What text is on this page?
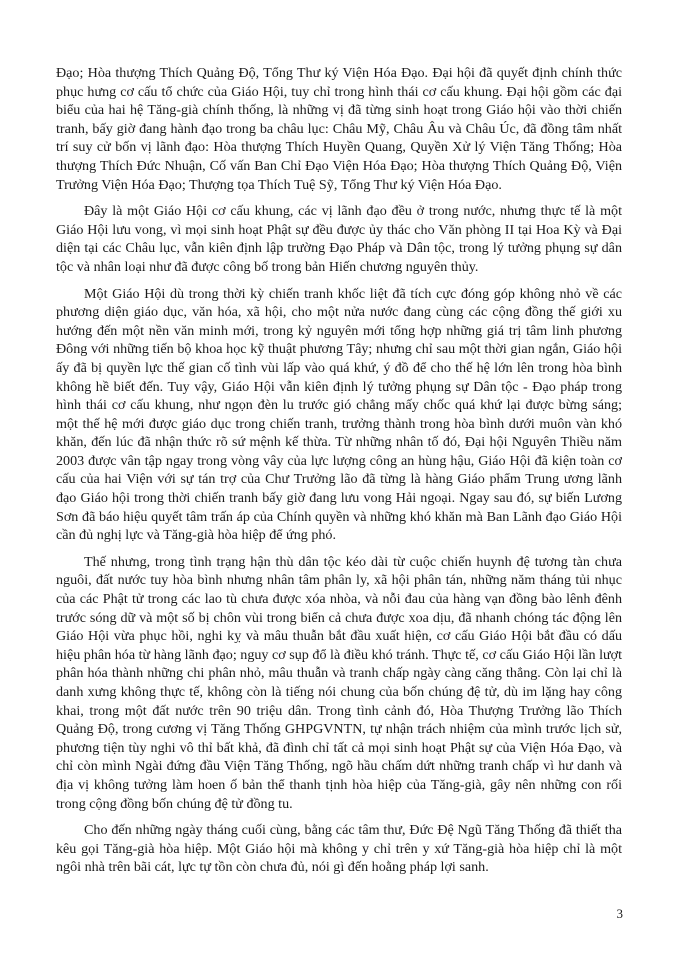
Đạo; Hòa thượng Thích Quảng Độ, Tổng Thư ký Viện Hóa Đạo. Đại hội đã quyết định chính thức phục hưng cơ cấu tổ chức của Giáo Hội, tuy chỉ trong hình thái cơ cấu khung. Đại hội gồm các đại biểu của hai hệ Tăng-già chính thống, là những vị đã từng sinh hoạt trong Giáo hội vào thời chiến tranh, bấy giờ đang hành đạo trong ba châu lục: Châu Mỹ, Châu Âu và Châu Úc, đã đồng tâm nhất trí suy cử bốn vị lãnh đạo: Hòa thượng Thích Huyền Quang, Quyền Xử lý Viện Tăng Thống; Hòa thượng Thích Đức Nhuận, Cố vấn Ban Chỉ Đạo Viện Hóa Đạo; Hòa thượng Thích Quảng Độ, Viện Trưởng Viện Hóa Đạo; Thượng tọa Thích Tuệ Sỹ, Tổng Thư ký Viện Hóa Đạo.

Đây là một Giáo Hội cơ cấu khung, các vị lãnh đạo đều ở trong nước, nhưng thực tế là một Giáo Hội lưu vong, vì mọi sinh hoạt Phật sự đều được ủy thác cho Văn phòng II tại Hoa Kỳ và Đại diện tại các Châu lục, vẫn kiên định lập trường Đạo Pháp và Dân tộc, trong lý tưởng phụng sự dân tộc và nhân loại như đã được công bố trong bản Hiến chương nguyên thủy.

Một Giáo Hội dù trong thời kỳ chiến tranh khốc liệt đã tích cực đóng góp không nhỏ về các phương diện giáo dục, văn hóa, xã hội, cho một nửa nước đang cùng các cộng đồng thế giới xu hướng đến một nền văn minh mới, trong kỷ nguyên mới tổng hợp những giá trị tâm linh phương Đông với những tiến bộ khoa học kỹ thuật phương Tây; nhưng chỉ sau một thời gian ngắn, Giáo hội ấy đã bị quyền lực thế gian cố tình vùi lấp vào quá khứ, ý đồ để cho thế hệ lớn lên trong hòa bình không hề biết đến. Tuy vậy, Giáo Hội vẫn kiên định lý tưởng phụng sự Dân tộc - Đạo pháp trong hình thái cơ cấu khung, như ngọn đèn lu trước gió chẳng mấy chốc quá khứ lại được bừng sáng; một thế hệ mới được giáo dục trong chiến tranh, trưởng thành trong hòa bình dưới muôn vàn khó khăn, đến lúc đã nhận thức rõ sứ mệnh kế thừa. Từ những nhân tố đó, Đại hội Nguyên Thiều năm 2003 được vân tập ngay trong vòng vây của lực lượng công an hùng hậu, Giáo Hội đã kiện toàn cơ cấu của hai Viện với sự tán trợ của Chư Trưởng lão đã từng là hàng Giáo phẩm Trung ương lãnh đạo Giáo hội trong thời chiến tranh bấy giờ đang lưu vong Hải ngoại. Ngay sau đó, sự biến Lương Sơn đã báo hiệu quyết tâm trấn áp của Chính quyền và những khó khăn mà Ban Lãnh đạo Giáo Hội cần đủ nghị lực và Tăng-già hòa hiệp để ứng phó.

Thế nhưng, trong tình trạng hận thù dân tộc kéo dài từ cuộc chiến huynh đệ tương tàn chưa nguôi, đất nước tuy hòa bình nhưng nhân tâm phân ly, xã hội phân tán, những năm tháng tủi nhục của các Phật tử trong các lao tù chưa được xóa nhòa, và nỗi đau của hàng vạn đồng bào lênh đênh trước sóng dữ và một số bị chôn vùi trong biển cả chưa được xoa dịu, đã nhanh chóng tác động lên Giáo Hội vừa phục hồi, nghi kỵ và mâu thuẫn bắt đầu xuất hiện, cơ cấu Giáo Hội bắt đầu có dấu hiệu phân hóa từ hàng lãnh đạo; nguy cơ sụp đổ là điều khó tránh. Thực tế, cơ cấu Giáo Hội lần lượt phân hóa thành những chi phân nhỏ, mâu thuẫn và tranh chấp ngày càng căng thẳng. Còn lại chỉ là danh xưng không thực tế, không còn là tiếng nói chung của bốn chúng đệ tử, dù im lặng hay công khai, trong một đất nước trên 90 triệu dân. Trong tình cảnh đó, Hòa Thượng Trưởng lão Thích Quảng Độ, trong cương vị Tăng Thống GHPGVNTN, tự nhận trách nhiệm của mình trước lịch sử, phương tiện tùy nghi vô thỉ bất khả, đã đình chỉ tất cả mọi sinh hoạt Phật sự của Viện Hóa Đạo, và chỉ còn mình Ngài đứng đầu Viện Tăng Thống, ngõ hầu chấm dứt những tranh chấp vì hư danh và địa vị không tưởng làm hoen ố bản thể thanh tịnh hòa hiệp của Tăng-già, gây nên những con rối trong cộng đồng bốn chúng đệ tử đồng tu.

Cho đến những ngày tháng cuối cùng, bằng các tâm thư, Đức Đệ Ngũ Tăng Thống đã thiết tha kêu gọi Tăng-già hòa hiệp. Một Giáo hội mà không y chỉ trên y xứ Tăng-già hòa hiệp chỉ là một ngôi nhà trên bãi cát, lực tự tồn còn chưa đủ, nói gì đến hoằng pháp lợi sanh.

3
